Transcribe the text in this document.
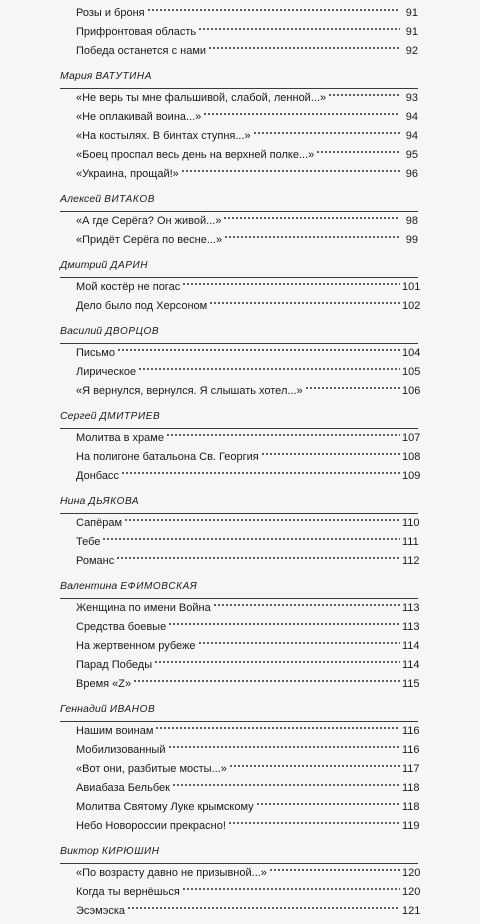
Розы и броня	91
Прифронтовая область	91
Победа останется с нами	92
Мария ВАТУТИНА
«Не верь ты мне фальшивой, слабой, ленной...»	93
«Не оплакивай воина...»	94
«На костылях. В бинтах ступня...»	94
«Боец проспал весь день на верхней полке...»	95
«Украина, прощай!»	96
Алексей ВИТАКОВ
«А где Серёга? Он живой...»	98
«Придёт Серёга по весне...»	99
Дмитрий ДАРИН
Мой костёр не погас	101
Дело было под Херсоном	102
Василий ДВОРЦОВ
Письмо	104
Лирическое	105
«Я вернулся, вернулся. Я слышать хотел...»	106
Сергей ДМИТРИЕВ
Молитва в храме	107
На полигоне батальона Св. Георгия	108
Донбасс	109
Нина ДЬЯКОВА
Сапёрам	110
Тебе	111
Романс	112
Валентина ЕФИМОВСКАЯ
Женщина по имени Война	113
Средства боевые	113
На жертвенном рубеже	114
Парад Победы	114
Время «Z»	115
Геннадий ИВАНОВ
Нашим воинам	116
Мобилизованный	116
«Вот они, разбитые мосты...»	117
Авиабаза Бельбек	118
Молитва Святому Луке крымскому	118
Небо Новороссии прекрасно!	119
Виктор КИРЮШИН
«По возрасту давно не призывной...»	120
Когда ты вернёшься	120
Эсэмэска	121
